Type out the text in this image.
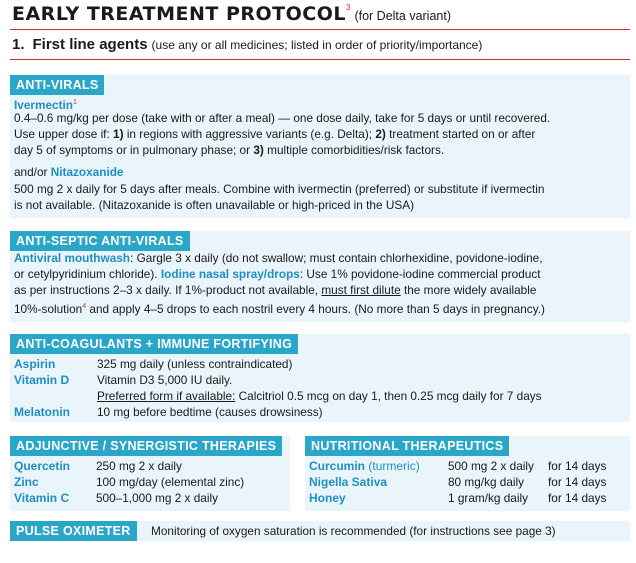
EARLY TREATMENT PROTOCOL$^3$(for Delta variant)
1. First line agents (use any or all medicines; listed in order of priority/importance)
ANTI-VIRALS
Ivermectin$^1$
0.4–0.6 mg/kg per dose (take with or after a meal) — one dose daily, take for 5 days or until recovered.
Use upper dose if: 1) in regions with aggressive variants (e.g. Delta); 2) treatment started on or after
day 5 of symptoms or in pulmonary phase; or 3) multiple comorbidities/risk factors.
and/or Nitazoxanide
500 mg 2 x daily for 5 days after meals. Combine with ivermectin (preferred) or substitute if ivermectin
is not available. (Nitazoxanide is often unavailable or high-priced in the USA)
ANTI-SEPTIC ANTI-VIRALS
Antiviral mouthwash: Gargle 3 x daily (do not swallow; must contain chlorhexidine, povidone-iodine,
or cetylpyridinium chloride). Iodine nasal spray/drops: Use 1% povidone-iodine commercial product
as per instructions 2–3 x daily. If 1%-product not available, must first dilute the more widely available
10%-solution$^4$ and apply 4–5 drops to each nostril every 4 hours. (No more than 5 days in pregnancy.)
ANTI-COAGULANTS + IMMUNE FORTIFYING
Aspirin	325 mg daily (unless contraindicated)
Vitamin D Vitamin D3 5,000 IU daily.
Preferred form if available: Calcitriol 0.5 mcg on day 1, then 0.25 mcg daily for 7 days
Melatonin 10 mg before bedtime (causes drowsiness)
ADJUNCTIVE / SYNERGISTIC THERAPIES
Quercetin 250 mg 2 x daily
Zinc	100 mg/day (elemental zinc)
Vitamin C 500–1,000 mg 2 x daily
NUTRITIONAL THERAPEUTICS
Curcumin (turmeric) 500 mg 2 x daily for 14 days
Nigella Sativa	80 mg/kg daily for 14 days
Honey	1 gram/kg daily for 14 days
PULSE OXIMETER	Monitoring of oxygen saturation is recommended (for instructions see page 3)
